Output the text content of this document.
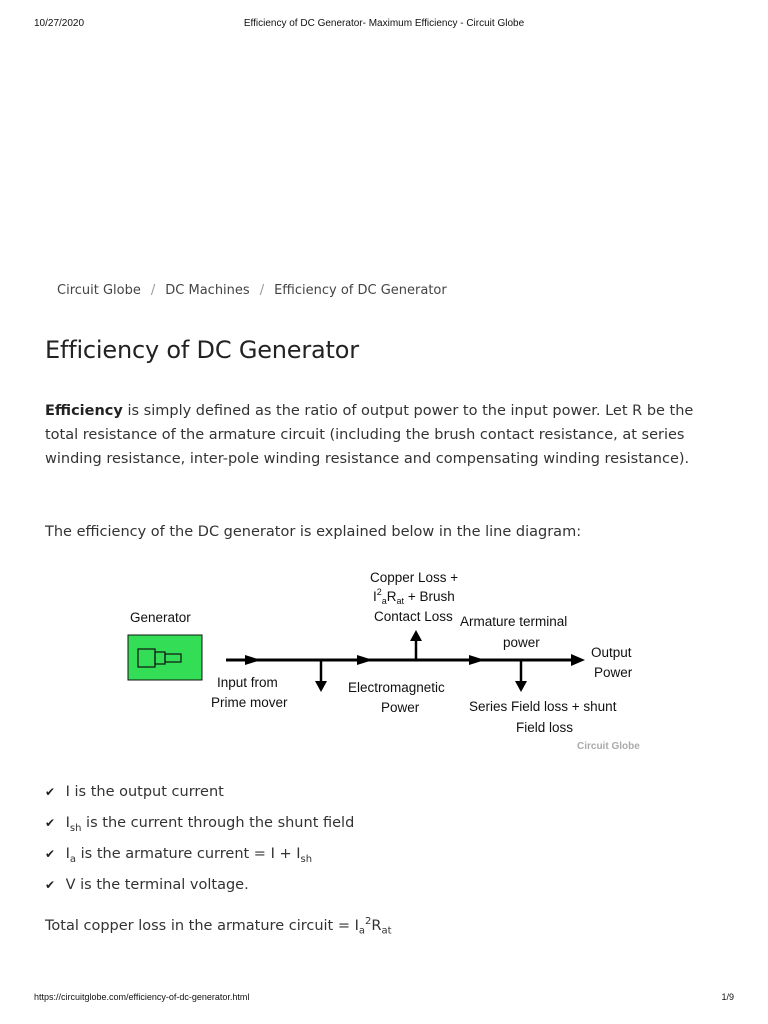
10/27/2020	Efficiency of DC Generator- Maximum Efficiency - Circuit Globe
Circuit Globe / DC Machines / Efficiency of DC Generator
Efficiency of DC Generator

Efficiency is simply defined as the ratio of output power to the input power. Let R be the total resistance of the armature circuit (including the brush contact resistance, at series winding resistance, inter-pole winding resistance and compensating winding resistance).

The efficiency of the DC generator is explained below in the line diagram:

Generator
Copper Loss +
$I^2_aR_{at}$ + Brush
Contact Loss Armature terminal
power
Output
Power
Input from
Prime mover
Electromagnetic
Power	Series Field loss + shunt
Field loss
Circuit Globe
✔ I is the output current
✔ $I_{sh}$ is the current through the shunt field
✔ $I_a$ is the armature current = $I + I_{sh}$
✔ V is the terminal voltage.

Total copper loss in the armature circuit = $I_a^2R_{at}$

https://circuitglobe.com/efficiency-of-dc-generator.html	1/9
